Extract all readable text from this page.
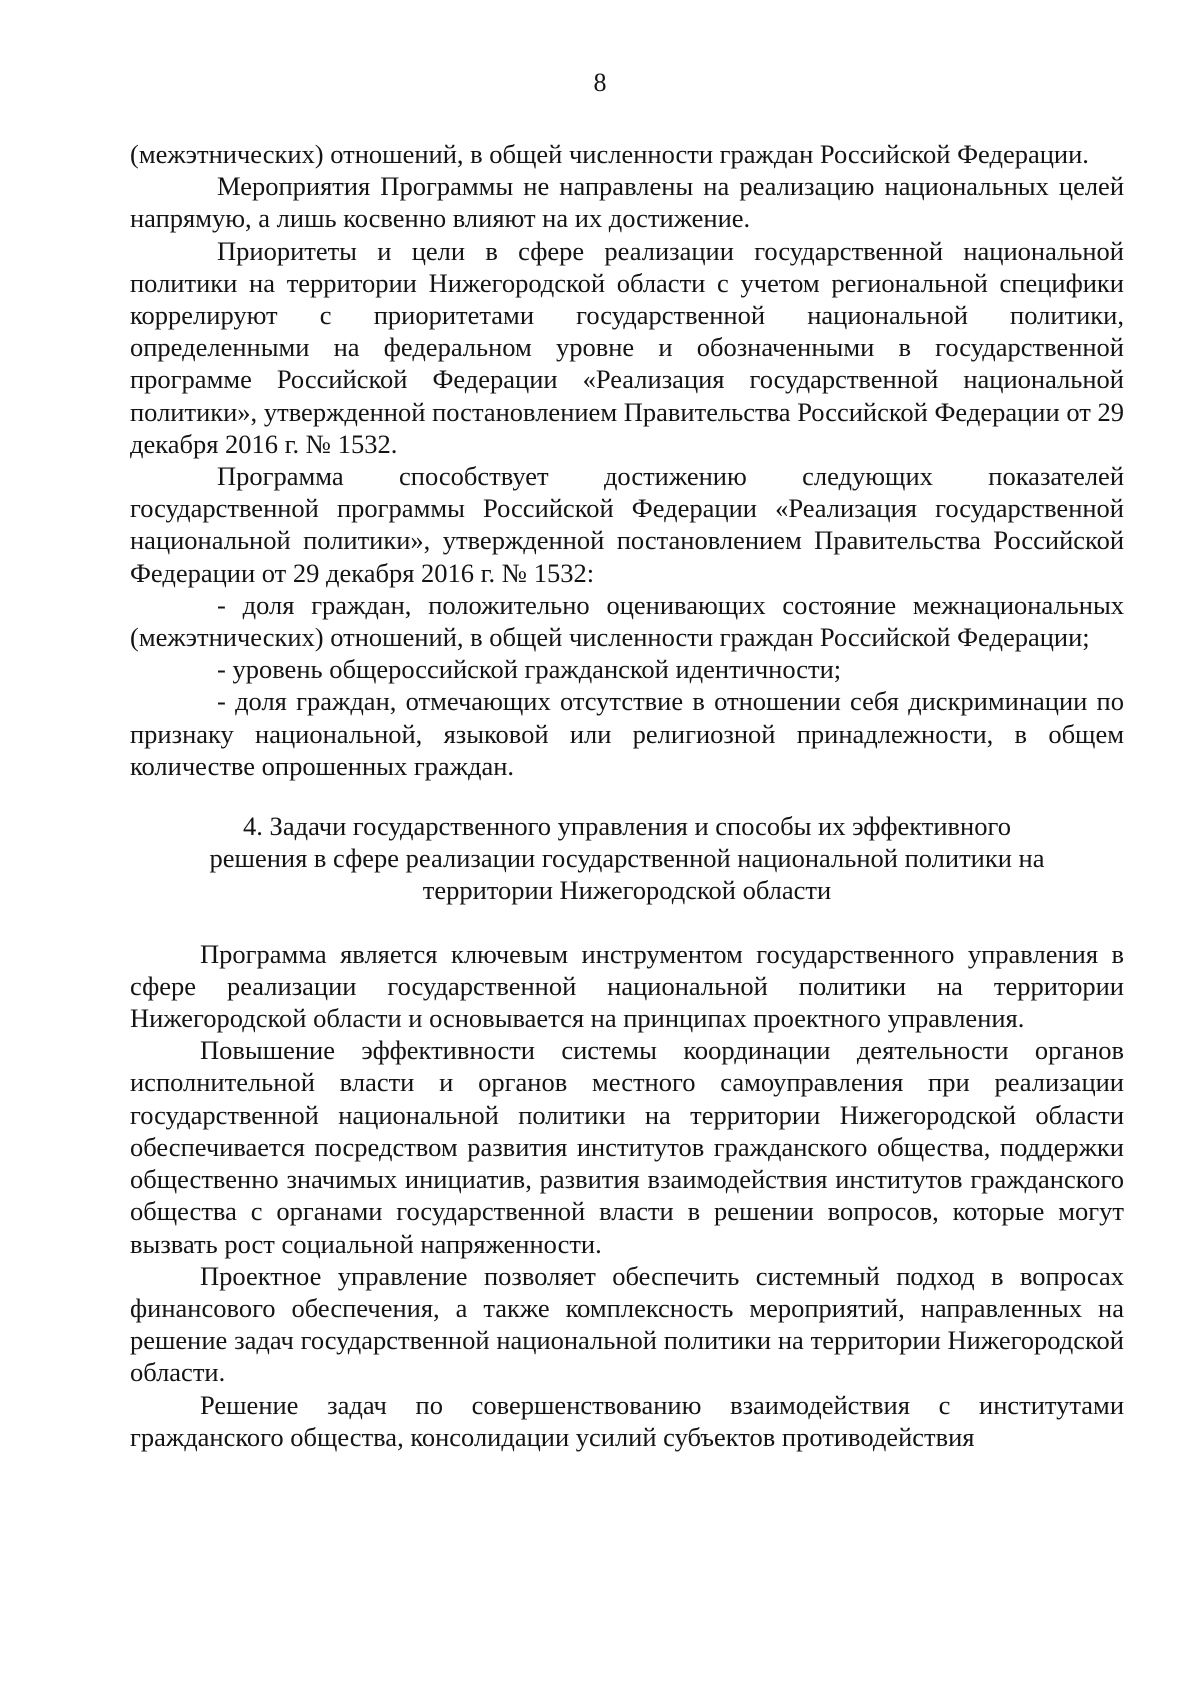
8

(межэтнических) отношений, в общей численности граждан Российской Федерации.

Мероприятия Программы не направлены на реализацию национальных целей напрямую, а лишь косвенно влияют на их достижение.

Приоритеты и цели в сфере реализации государственной национальной политики на территории Нижегородской области с учетом региональной специфики коррелируют с приоритетами государственной национальной политики, определенными на федеральном уровне и обозначенными в государственной программе Российской Федерации «Реализация государственной национальной политики», утвержденной постановлением Правительства Российской Федерации от 29 декабря 2016 г. № 1532.

Программа способствует достижению следующих показателей государственной программы Российской Федерации «Реализация государственной национальной политики», утвержденной постановлением Правительства Российской Федерации от 29 декабря 2016 г. № 1532:

- доля граждан, положительно оценивающих состояние межнациональных (межэтнических) отношений, в общей численности граждан Российской Федерации;

- уровень общероссийской гражданской идентичности;

- доля граждан, отмечающих отсутствие в отношении себя дискриминации по признаку национальной, языковой или религиозной принадлежности, в общем количестве опрошенных граждан.

4. Задачи государственного управления и способы их эффективного
решения в сфере реализации государственной национальной политики на
территории Нижегородской области

Программа является ключевым инструментом государственного управления в сфере реализации государственной национальной политики на территории Нижегородской области и основывается на принципах проектного управления.

Повышение эффективности системы координации деятельности органов исполнительной власти и органов местного самоуправления при реализации государственной национальной политики на территории Нижегородской области обеспечивается посредством развития институтов гражданского общества, поддержки общественно значимых инициатив, развития взаимодействия институтов гражданского общества с органами государственной власти в решении вопросов, которые могут вызвать рост социальной напряженности.

Проектное управление позволяет обеспечить системный подход в вопросах финансового обеспечения, а также комплексность мероприятий, направленных на решение задач государственной национальной политики на территории Нижегородской области.

Решение задач по совершенствованию взаимодействия с институтами гражданского общества, консолидации усилий субъектов противодействия
